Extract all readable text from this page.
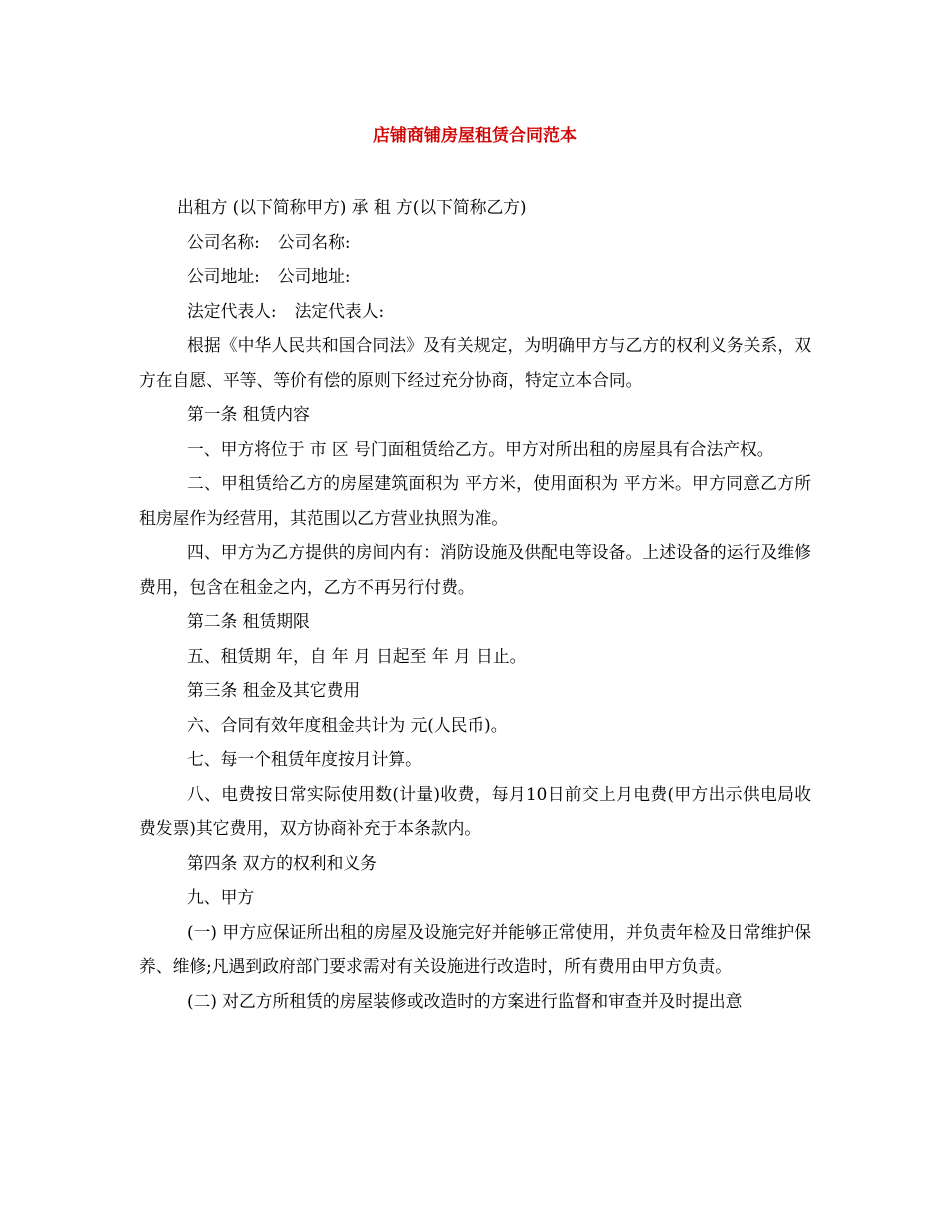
店铺商铺房屋租赁合同范本

出租方 (以下简称甲方) 承 租 方(以下简称乙方)

公司名称: 公司名称:

公司地址: 公司地址:

法定代表人: 法定代表人:

根据《中华人民共和国合同法》及有关规定，为明确甲方与乙方的权利义务关系，双方在自愿、平等、等价有偿的原则下经过充分协商，特定立本合同。

第一条 租赁内容

一、甲方将位于 市 区 号门面租赁给乙方。甲方对所出租的房屋具有合法产权。

二、甲租赁给乙方的房屋建筑面积为 平方米，使用面积为 平方米。甲方同意乙方所租房屋作为经营用，其范围以乙方营业执照为准。

四、甲方为乙方提供的房间内有：消防设施及供配电等设备。上述设备的运行及维修费用，包含在租金之内，乙方不再另行付费。

第二条 租赁期限

五、租赁期 年，自 年 月 日起至 年 月 日止。

第三条 租金及其它费用

六、合同有效年度租金共计为 元(人民币)。

七、每一个租赁年度按月计算。

八、电费按日常实际使用数(计量)收费，每月10日前交上月电费(甲方出示供电局收费发票)其它费用，双方协商补充于本条款内。

第四条 双方的权利和义务

九、甲方

(一) 甲方应保证所出租的房屋及设施完好并能够正常使用，并负责年检及日常维护保养、维修;凡遇到政府部门要求需对有关设施进行改造时，所有费用由甲方负责。

(二) 对乙方所租赁的房屋装修或改造时的方案进行监督和审查并及时提出意
